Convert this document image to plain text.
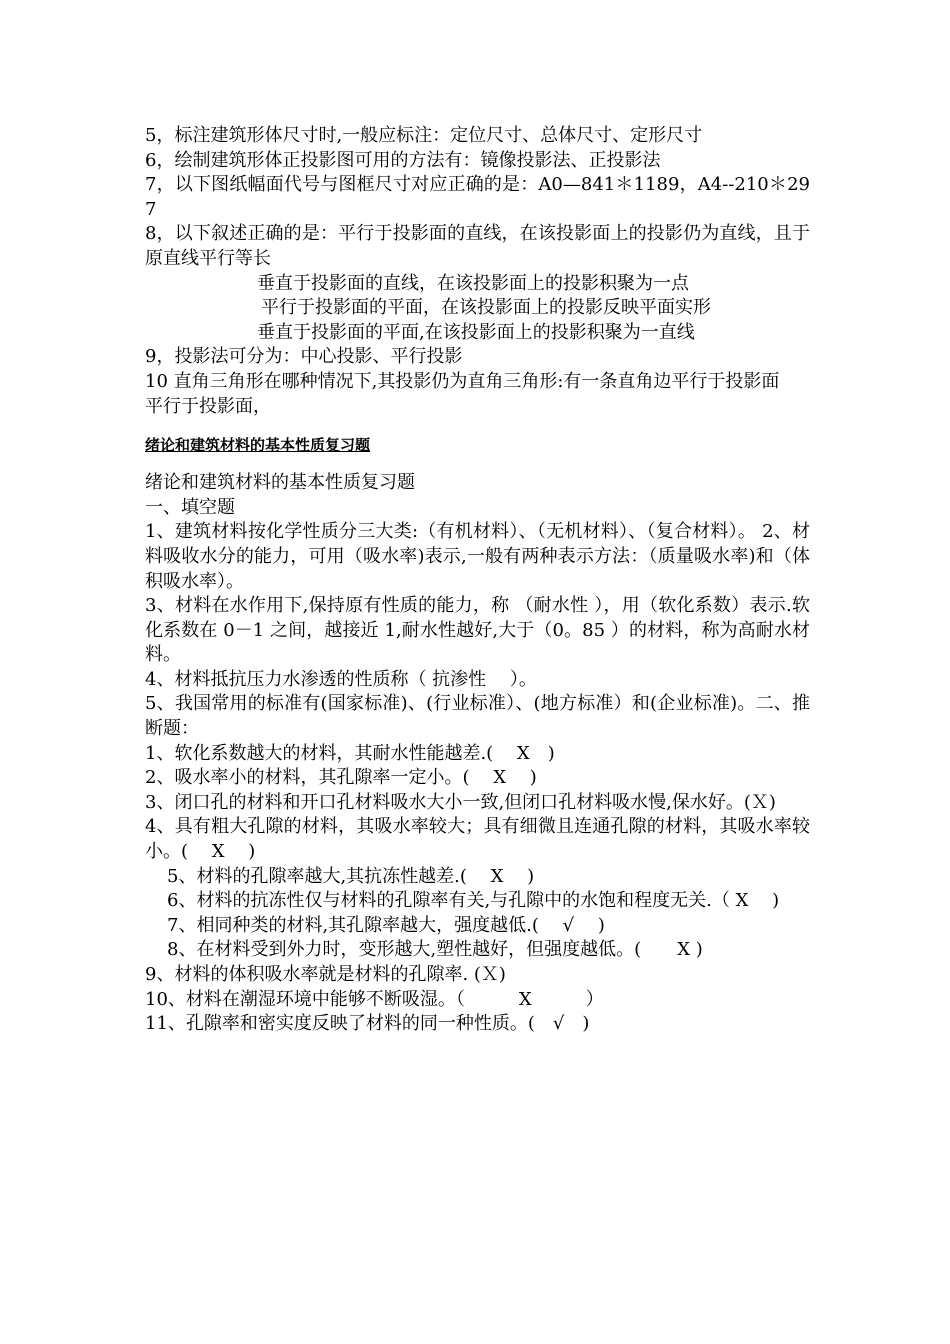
5，标注建筑形体尺寸时,一般应标注：定位尺寸、总体尺寸、定形尺寸

6，绘制建筑形体正投影图可用的方法有：镜像投影法、正投影法

7，以下图纸幅面代号与图框尺寸对应正确的是：A0—841＊1189，A4--210＊297

8，以下叙述正确的是：平行于投影面的直线，在该投影面上的投影仍为直线，且于原直线平行等长

垂直于投影面的直线，在该投影面上的投影积聚为一点

平行于投影面的平面，在该投影面上的投影反映平面实形

垂直于投影面的平面,在该投影面上的投影积聚为一直线

9，投影法可分为：中心投影、平行投影

10 直角三角形在哪种情况下,其投影仍为直角三角形:有一条直角边平行于投影面

平行于投影面，

绪论和建筑材料的基本性质复习题

绪论和建筑材料的基本性质复习题

一、填空题

1、建筑材料按化学性质分三大类:（有机材料）、（无机材料）、（复合材料）。 2、材料吸收水分的能力，可用（吸水率)表示,一般有两种表示方法：（质量吸水率)和（体积吸水率）。

3、材料在水作用下,保持原有性质的能力，称 （耐水性 ），用（软化系数）表示.软化系数在 0－1 之间，越接近 1,耐水性越好,大于（0。85 ）的材料，称为高耐水材料。

4、材料抵抗压力水渗透的性质称（ 抗渗性　 ）。

5、我国常用的标准有(国家标准)、(行业标准）、(地方标准）和(企业标准)。二、推断题：

1、软化系数越大的材料，其耐水性能越差.(　 X　)

2、吸水率小的材料，其孔隙率一定小。(　 X　 )

3、闭口孔的材料和开口孔材料吸水大小一致,但闭口孔材料吸水慢,保水好。(Ｘ)

4、具有粗大孔隙的材料，其吸水率较大；具有细微且连通孔隙的材料，其吸水率较小。(　 X　 )

5、材料的孔隙率越大,其抗冻性越差.(　 X　 )

6、材料的抗冻性仅与材料的孔隙率有关,与孔隙中的水饱和程度无关.（ X　 )

7、相同种类的材料,其孔隙率越大，强度越低.(　 √　 )

8、在材料受到外力时，变形越大,塑性越好，但强度越低。(　　X )

9、材料的体积吸水率就是材料的孔隙率. (Ｘ)

10、材料在潮湿环境中能够不断吸湿。（　　　X　　　）

11、孔隙率和密实度反映了材料的同一种性质。(　√　)
